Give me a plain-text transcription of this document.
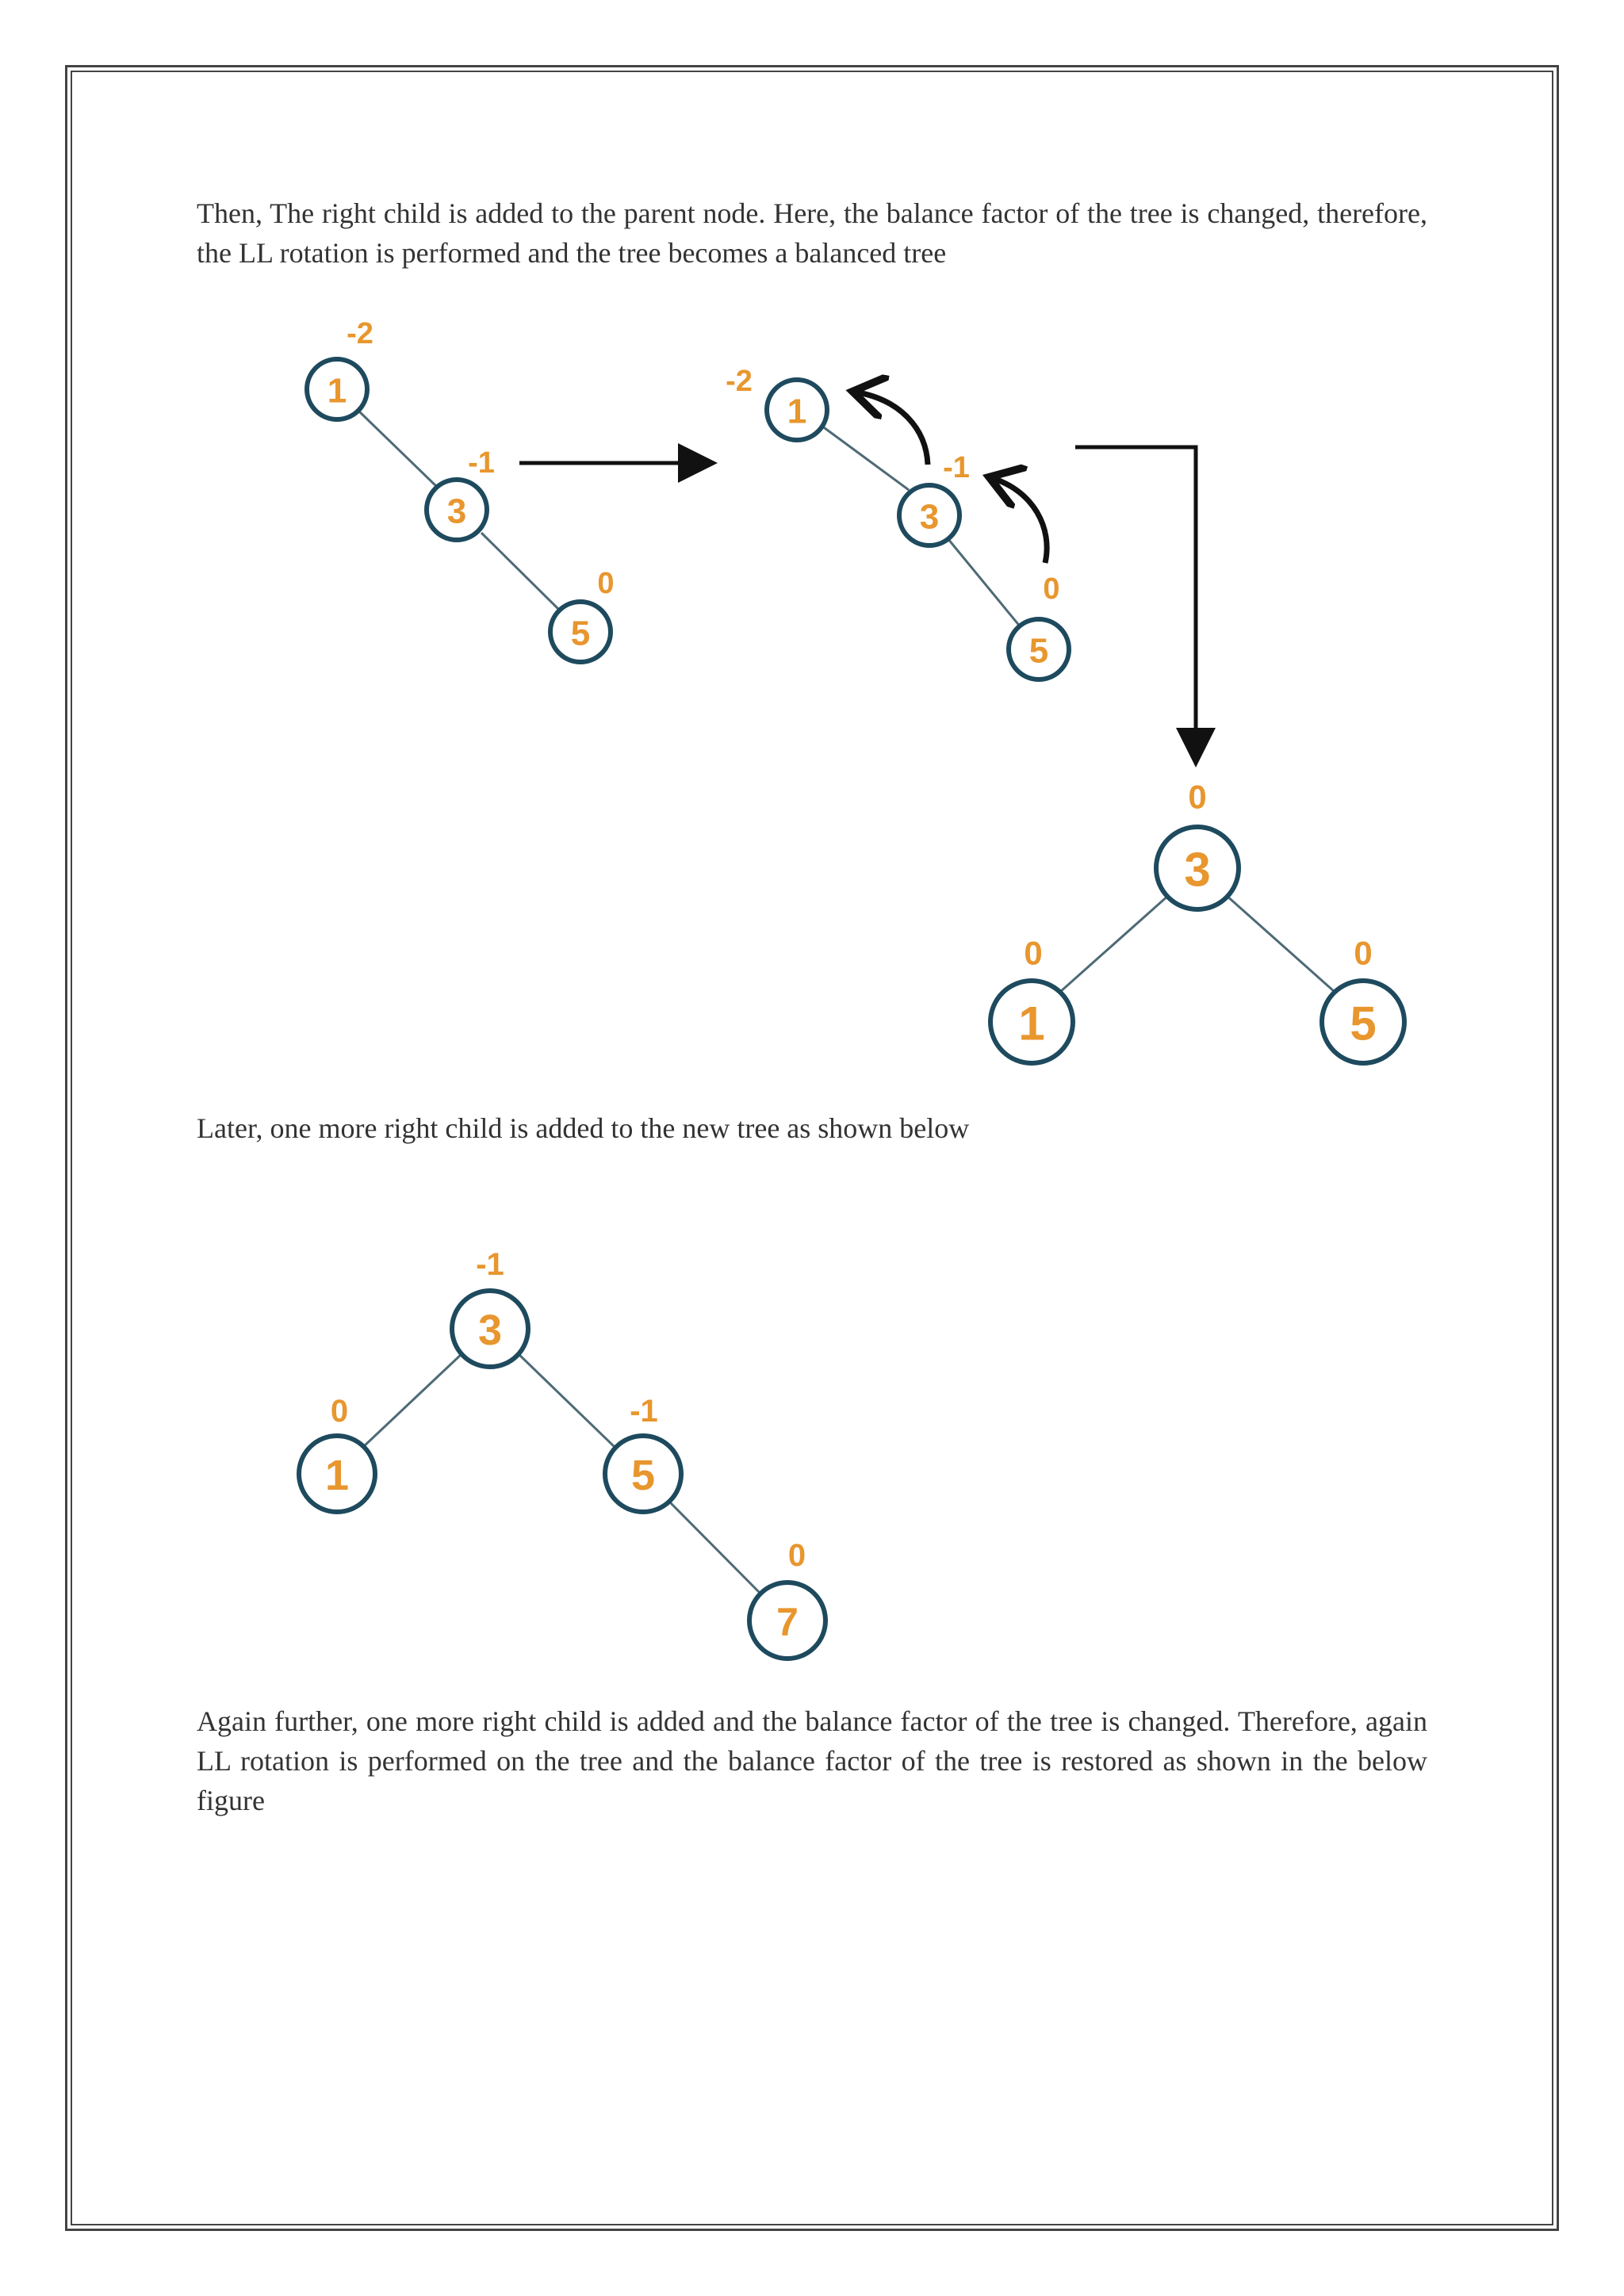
Then, The right child is added to the parent node. Here, the balance factor of the tree is changed, therefore, the LL rotation is performed and the tree becomes a balanced tree

Later, one more right child is added to the new tree as shown below

Again further, one more right child is added and the balance factor of the tree is changed. Therefore, again LL rotation is performed on the tree and the balance factor of the tree is restored as shown in the below figure

1
-2
3
-1
5
0
1
-2
3
-1
5
0
3
0
1
0
5
0
3
-1
1
0
5
-1
7
0
